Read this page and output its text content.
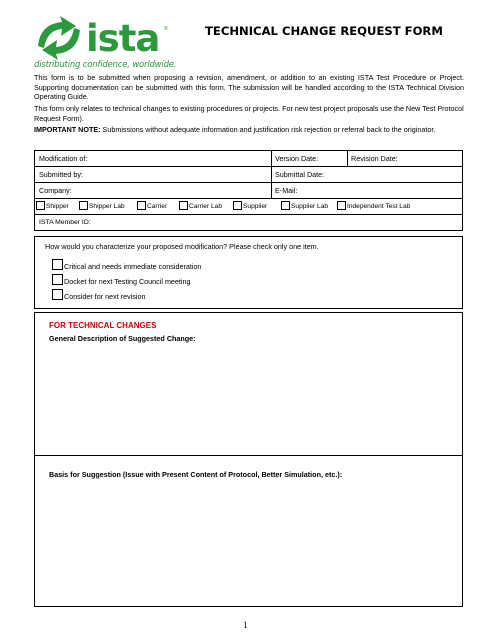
ista ®
distributing confidence, worldwide.
TECHNICAL CHANGE REQUEST FORM

This form is to be submitted when proposing a revision, amendment, or addition to an existing ISTA Test Procedure or Project. Supporting documentation can be submitted with this form. The submission will be handled according to the ISTA Technical Division Operating Guide.

This form only relates to technical changes to existing procedures or projects. For new test project proposals use the New Test Protocol Request Form).

IMPORTANT NOTE: Submissions without adequate information and justification risk rejection or referral back to the originator.

Modification of:	Version Date:	Revision Date:
Submitted by:	Submittal Date:
Company:	E-Mail:
Shipper	Shipper Lab	Carrier	Carrier Lab	Supplier	Supplier Lab	Independent Test Lab
ISTA Member ID:
How would you characterize your proposed modification? Please check only one item.
Critical and needs immediate consideration
Docket for next Testing Council meeting
Consider for next revision
FOR TECHNICAL CHANGES
General Description of Suggested Change:
Basis for Suggestion (Issue with Present Content of Protocol, Better Simulation, etc.):
1
